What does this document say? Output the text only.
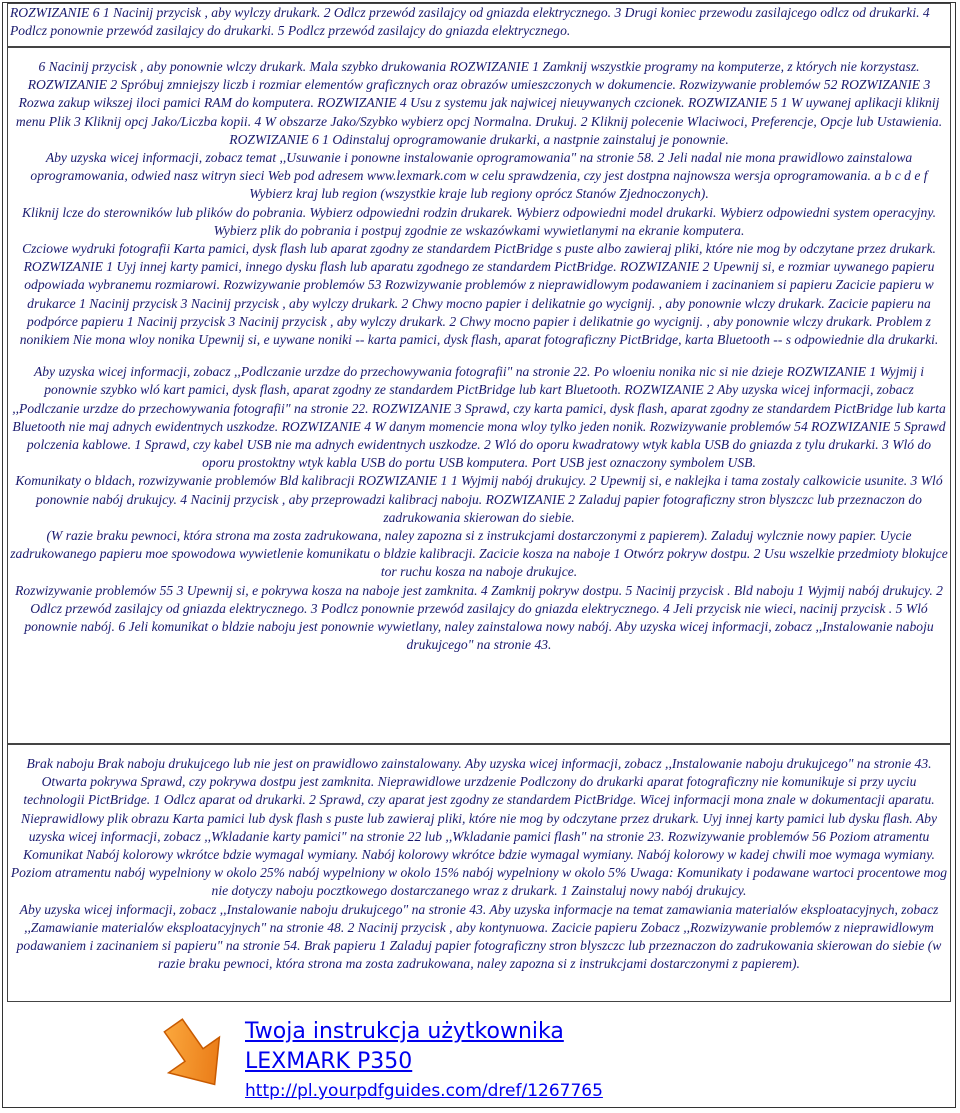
ROZWIZANIE 6 1 Nacinij przycisk , aby wylczy drukark. 2 Odlcz przewód zasilajcy od gniazda elektrycznego. 3 Drugi koniec przewodu zasilajcego odlcz od drukarki. 4 Podlcz ponownie przewód zasilajcy do drukarki. 5 Podlcz przewód zasilajcy do gniazda elektrycznego.

6 Nacinij przycisk , aby ponownie wlczy drukark. Mala szybko drukowania ROZWIZANIE 1 Zamknij wszystkie programy na komputerze, z których nie korzystasz. ROZWIZANIE 2 Spróbuj zmniejszy liczb i rozmiar elementów graficznych oraz obrazów umieszczonych w dokumencie. Rozwizywanie problemów 52 ROZWIZANIE 3 Rozwa zakup wikszej iloci pamici RAM do komputera. ROZWIZANIE 4 Usu z systemu jak najwicej nieuywanych czcionek. ROZWIZANIE 5 1 W uywanej aplikacji kliknij menu Plik 3 Kliknij opcj Jako/Liczba kopii. 4 W obszarze Jako/Szybko wybierz opcj Normalna. Drukuj. 2 Kliknij polecenie Wlaciwoci, Preferencje, Opcje lub Ustawienia. ROZWIZANIE 6 1 Odinstaluj oprogramowanie drukarki, a nastpnie zainstaluj je ponownie.

Aby uzyska wicej informacji, zobacz temat ,,Usuwanie i ponowne instalowanie oprogramowania" na stronie 58. 2 Jeli nadal nie mona prawidlowo zainstalowa oprogramowania, odwied nasz witryn sieci Web pod adresem www.lexmark.com w celu sprawdzenia, czy jest dostpna najnowsza wersja oprogramowania. a b c d e f Wybierz kraj lub region (wszystkie kraje lub regiony oprócz Stanów Zjednoczonych).

Kliknij lcze do sterowników lub plików do pobrania. Wybierz odpowiedni rodzin drukarek. Wybierz odpowiedni model drukarki. Wybierz odpowiedni system operacyjny. Wybierz plik do pobrania i postpuj zgodnie ze wskazówkami wywietlanymi na ekranie komputera.

Czciowe wydruki fotografii Karta pamici, dysk flash lub aparat zgodny ze standardem PictBridge s puste albo zawieraj pliki, które nie mog by odczytane przez drukark. ROZWIZANIE 1 Uyj innej karty pamici, innego dysku flash lub aparatu zgodnego ze standardem PictBridge. ROZWIZANIE 2 Upewnij si, e rozmiar uywanego papieru odpowiada wybranemu rozmiarowi. Rozwizywanie problemów 53 Rozwizywanie problemów z nieprawidlowym podawaniem i zacinaniem si papieru Zacicie papieru w drukarce 1 Nacinij przycisk 3 Nacinij przycisk , aby wylczy drukark. 2 Chwy mocno papier i delikatnie go wycignij. , aby ponownie wlczy drukark. Zacicie papieru na podpórce papieru 1 Nacinij przycisk 3 Nacinij przycisk , aby wylczy drukark. 2 Chwy mocno papier i delikatnie go wycignij. , aby ponownie wlczy drukark. Problem z nonikiem Nie mona wloy nonika Upewnij si, e uywane noniki -- karta pamici, dysk flash, aparat fotograficzny PictBridge, karta Bluetooth -- s odpowiednie dla drukarki.

Aby uzyska wicej informacji, zobacz ,,Podlczanie urzdze do przechowywania fotografii" na stronie 22. Po wloeniu nonika nic si nie dzieje ROZWIZANIE 1 Wyjmij i ponownie szybko wló kart pamici, dysk flash, aparat zgodny ze standardem PictBridge lub kart Bluetooth. ROZWIZANIE 2 Aby uzyska wicej informacji, zobacz ,,Podlczanie urzdze do przechowywania fotografii" na stronie 22. ROZWIZANIE 3 Sprawd, czy karta pamici, dysk flash, aparat zgodny ze standardem PictBridge lub karta Bluetooth nie maj adnych ewidentnych uszkodze. ROZWIZANIE 4 W danym momencie mona wloy tylko jeden nonik. Rozwizywanie problemów 54 ROZWIZANIE 5 Sprawd polczenia kablowe. 1 Sprawd, czy kabel USB nie ma adnych ewidentnych uszkodze. 2 Wló do oporu kwadratowy wtyk kabla USB do gniazda z tylu drukarki. 3 Wló do oporu prostoktny wtyk kabla USB do portu USB komputera. Port USB jest oznaczony symbolem USB.

Komunikaty o bldach, rozwizywanie problemów Bld kalibracji ROZWIZANIE 1 1 Wyjmij nabój drukujcy. 2 Upewnij si, e naklejka i tama zostaly calkowicie usunite. 3 Wló ponownie nabój drukujcy. 4 Nacinij przycisk , aby przeprowadzi kalibracj naboju. ROZWIZANIE 2 Zaladuj papier fotograficzny stron blyszczc lub przeznaczon do zadrukowania skierowan do siebie.

(W razie braku pewnoci, która strona ma zosta zadrukowana, naley zapozna si z instrukcjami dostarczonymi z papierem). Zaladuj wylcznie nowy papier. Uycie zadrukowanego papieru moe spowodowa wywietlenie komunikatu o bldzie kalibracji. Zacicie kosza na naboje 1 Otwórz pokryw dostpu. 2 Usu wszelkie przedmioty blokujce tor ruchu kosza na naboje drukujce.

Rozwizywanie problemów 55 3 Upewnij si, e pokrywa kosza na naboje jest zamknita. 4 Zamknij pokryw dostpu. 5 Nacinij przycisk . Bld naboju 1 Wyjmij nabój drukujcy. 2 Odlcz przewód zasilajcy od gniazda elektrycznego. 3 Podlcz ponownie przewód zasilajcy do gniazda elektrycznego. 4 Jeli przycisk nie wieci, nacinij przycisk . 5 Wló ponownie nabój. 6 Jeli komunikat o bldzie naboju jest ponownie wywietlany, naley zainstalowa nowy nabój. Aby uzyska wicej informacji, zobacz ,,Instalowanie naboju drukujcego" na stronie 43.

Brak naboju Brak naboju drukujcego lub nie jest on prawidlowo zainstalowany. Aby uzyska wicej informacji, zobacz ,,Instalowanie naboju drukujcego" na stronie 43. Otwarta pokrywa Sprawd, czy pokrywa dostpu jest zamknita. Nieprawidlowe urzdzenie Podlczony do drukarki aparat fotograficzny nie komunikuje si przy uyciu technologii PictBridge. 1 Odlcz aparat od drukarki. 2 Sprawd, czy aparat jest zgodny ze standardem PictBridge. Wicej informacji mona znale w dokumentacji aparatu. Nieprawidlowy plik obrazu Karta pamici lub dysk flash s puste lub zawieraj pliki, które nie mog by odczytane przez drukark. Uyj innej karty pamici lub dysku flash. Aby uzyska wicej informacji, zobacz ,,Wkladanie karty pamici" na stronie 22 lub ,,Wkladanie pamici flash" na stronie 23. Rozwizywanie problemów 56 Poziom atramentu Komunikat Nabój kolorowy wkrótce bdzie wymagal wymiany. Nabój kolorowy wkrótce bdzie wymagal wymiany. Nabój kolorowy w kadej chwili moe wymaga wymiany. Poziom atramentu nabój wypelniony w okolo 25% nabój wypelniony w okolo 15% nabój wypelniony w okolo 5% Uwaga: Komunikaty i podawane wartoci procentowe mog nie dotyczy naboju pocztkowego dostarczanego wraz z drukark. 1 Zainstaluj nowy nabój drukujcy.

Aby uzyska wicej informacji, zobacz ,,Instalowanie naboju drukujcego" na stronie 43. Aby uzyska informacje na temat zamawiania materialów eksploatacyjnych, zobacz ,,Zamawianie materialów eksploatacyjnych" na stronie 48. 2 Nacinij przycisk , aby kontynuowa. Zacicie papieru Zobacz ,,Rozwizywanie problemów z nieprawidlowym podawaniem i zacinaniem si papieru" na stronie 54. Brak papieru 1 Zaladuj papier fotograficzny stron blyszczc lub przeznaczon do zadrukowania skierowan do siebie (w razie braku pewnoci, która strona ma zosta zadrukowana, naley zapozna si z instrukcjami dostarczonymi z papierem).

Twoja instrukcja użytkownika
LEXMARK P350
http://pl.yourpdfguides.com/dref/1267765
